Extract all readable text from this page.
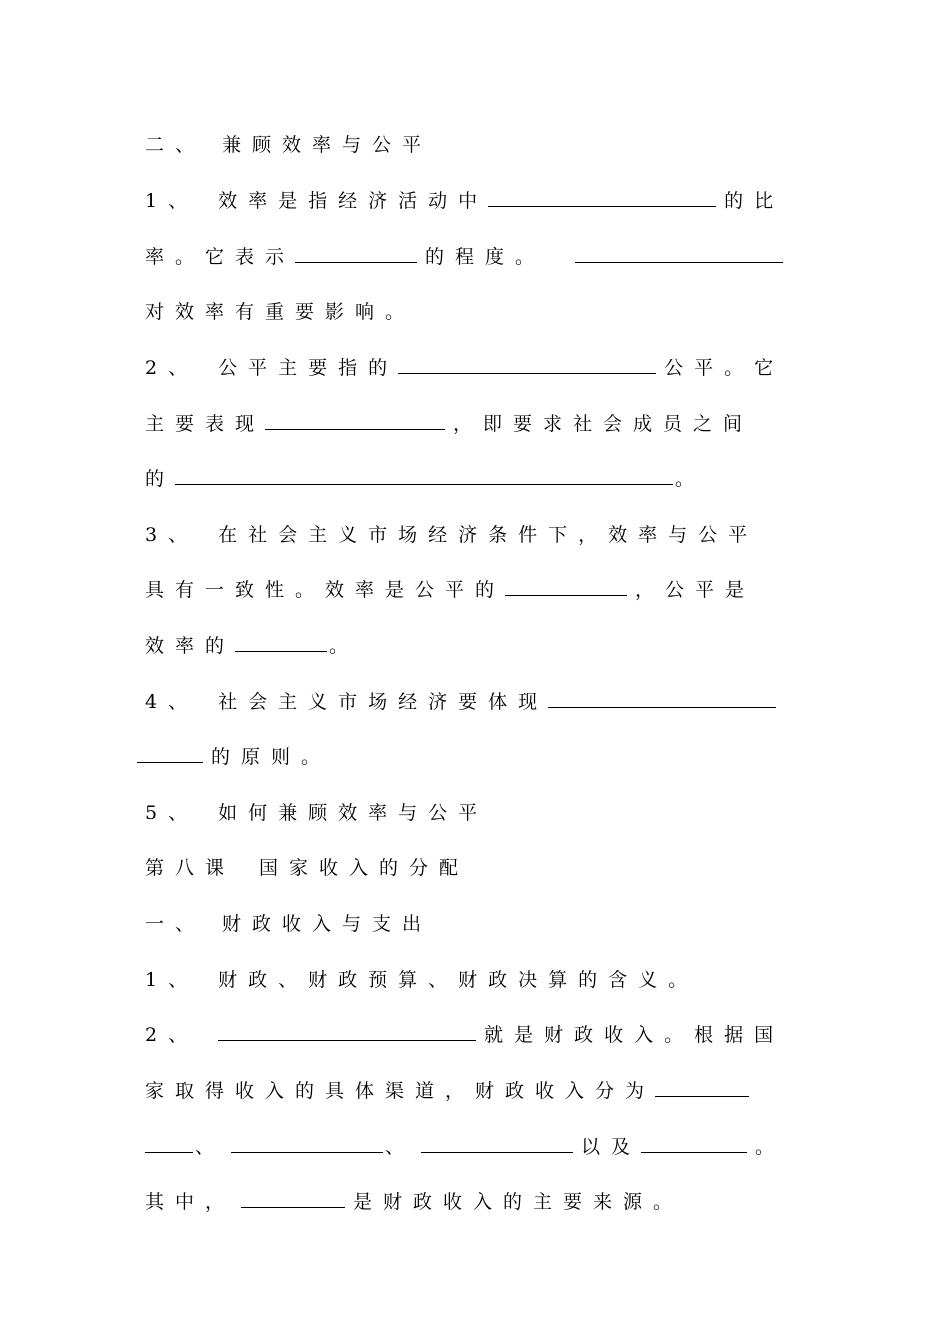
二、 兼顾效率与公平
1、 效率是指经济活动中	的比
率。它表示	的程度。
对效率有重要影响。
2、 公平主要指的	公平。它
主要表现	，即要求社会成员之间
的	。
3、 在社会主义市场经济条件下，效率与公平
具有一致性。效率是公平的	，公平是
效率的	。
4、 社会主义市场经济要体现
的原则。
5、 如何兼顾效率与公平
第八课 国家收入的分配
一、 财政收入与支出
1、 财政、财政预算、财政决算的含义。
2、	就是财政收入。根据国
家取得收入的具体渠道，财政收入分为
、	、	以及	。
其中，	是财政收入的主要来源。
